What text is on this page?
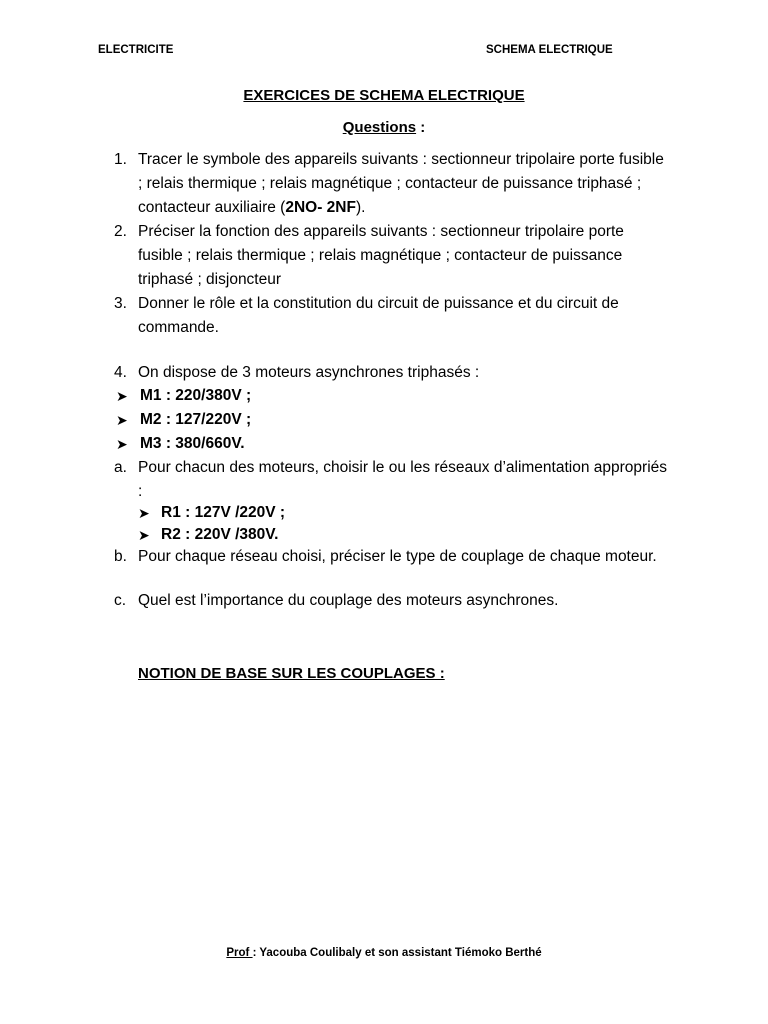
ELECTRICITE	SCHEMA ELECTRIQUE
EXERCICES DE SCHEMA ELECTRIQUE
Questions :
1. Tracer le symbole des appareils suivants : sectionneur tripolaire porte fusible ; relais thermique ; relais magnétique ; contacteur de puissance triphasé ; contacteur auxiliaire (2NO- 2NF).
2. Préciser la fonction des appareils suivants : sectionneur tripolaire porte fusible ; relais thermique ; relais magnétique ; contacteur de puissance triphasé ; disjoncteur
3. Donner le rôle et la constitution du circuit de puissance et du circuit de commande.
4. On dispose de 3 moteurs asynchrones triphasés :
➤ M1 : 220/380V ;
➤ M2 : 127/220V ;
➤ M3 : 380/660V.
a. Pour chacun des moteurs, choisir le ou les réseaux d’alimentation appropriés :
➤ R1 : 127V /220V ;
➤ R2 : 220V /380V.
b. Pour chaque réseau choisi, préciser le type de couplage de chaque moteur.
c. Quel est l’importance du couplage des moteurs asynchrones.
NOTION DE BASE SUR LES COUPLAGES :
Prof : Yacouba Coulibaly et son assistant Tiémoko Berthé
